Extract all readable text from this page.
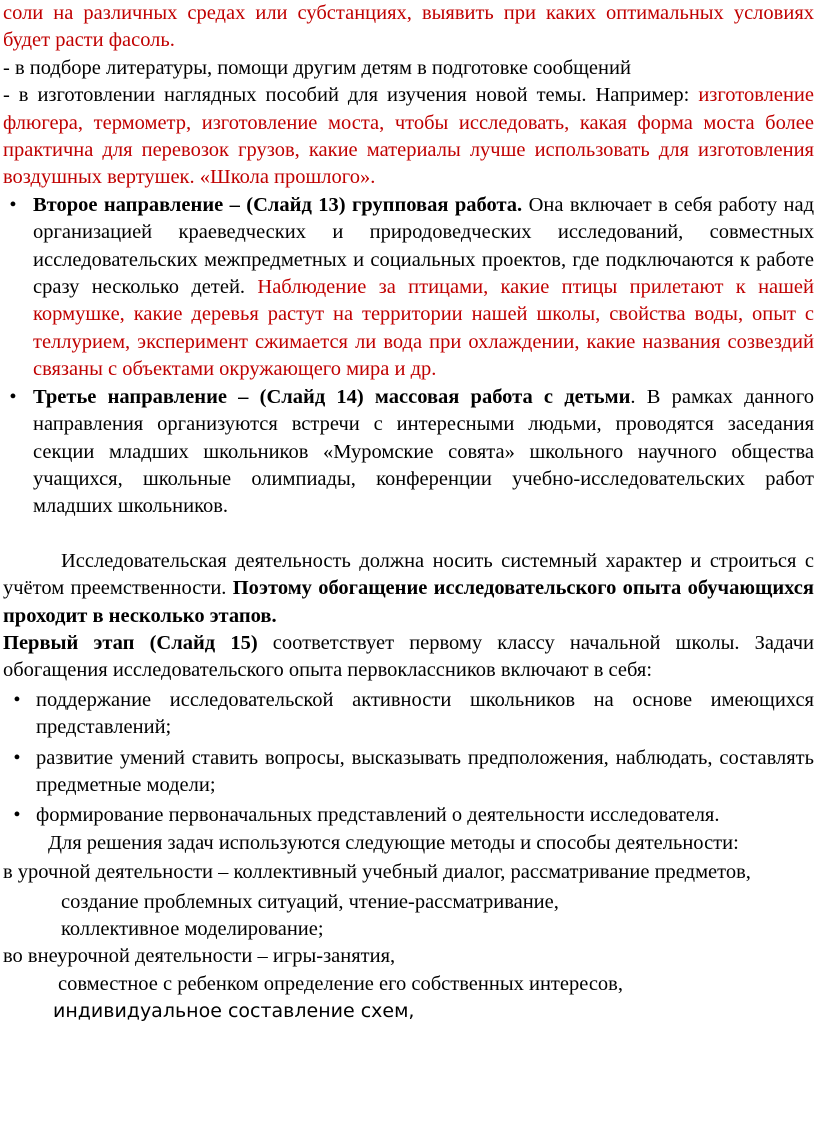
соли на различных средах или субстанциях, выявить при каких оптимальных условиях будет расти фасоль.

- в подборе литературы, помощи другим детям в подготовке сообщений

- в изготовлении наглядных пособий для изучения новой темы. Например: изготовление флюгера, термометр, изготовление моста, чтобы исследовать, какая форма моста более практична для перевозок грузов, какие материалы лучше использовать для изготовления воздушных вертушек. «Школа прошлого».

• Второе направление – (Слайд 13) групповая работа. Она включает в себя работу над организацией краеведческих и природоведческих исследований, совместных исследовательских межпредметных и социальных проектов, где подключаются к работе сразу несколько детей. Наблюдение за птицами, какие птицы прилетают к нашей кормушке, какие деревья растут на территории нашей школы, свойства воды, опыт с теллурием, эксперимент сжимается ли вода при охлаждении, какие названия созвездий связаны с объектами окружающего мира и др.
• Третье направление – (Слайд 14) массовая работа с детьми. В рамках данного направления организуются встречи с интересными людьми, проводятся заседания секции младших школьников «Муромские совята» школьного научного общества учащихся, школьные олимпиады, конференции учебно-исследовательских работ младших школьников.

Исследовательская деятельность должна носить системный характер и строиться с учётом преемственности. Поэтому обогащение исследовательского опыта обучающихся проходит в несколько этапов.

Первый этап (Слайд 15) соответствует первому классу начальной школы. Задачи обогащения исследовательского опыта первоклассников включают в себя:

• поддержание исследовательской активности школьников на основе имеющихся представлений;

• развитие умений ставить вопросы, высказывать предположения, наблюдать, составлять предметные модели;

• формирование первоначальных представлений о деятельности исследователя.

Для решения задач используются следующие методы и способы деятельности:

в урочной деятельности – коллективный учебный диалог, рассматривание предметов,

создание проблемных ситуаций, чтение-рассматривание,

коллективное моделирование;

во внеурочной деятельности – игры-занятия,

совместное с ребенком определение его собственных интересов,

индивидуальное составление схем,
